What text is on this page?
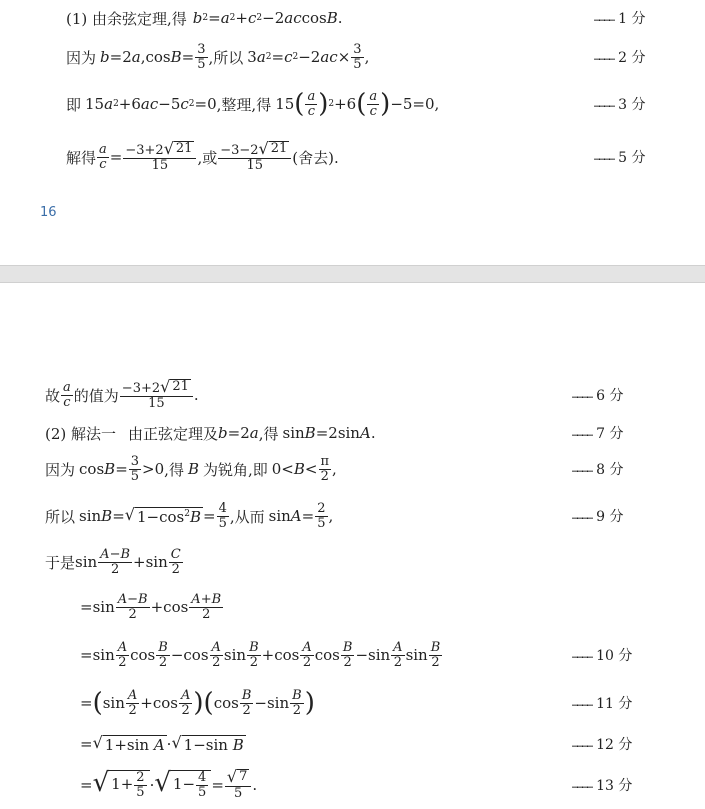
(1) 由余弦定理,得 b 2 = a 2 + c 2 −2 ac cos B .	………… 1 分
因为 b =2 a ,cos $B = \frac{3}{5}$ ,所以 3 a 2 = c 2 −2 ac × $\frac{3}{5}$ ,	………… 2 分
即 15 a 2 +6 ac −5 c 2 =0 ,整理,得 15 ( $\frac{a}{c}$ ) 2 +6 ( $\frac{a}{c}$ ) −5=0,	………… 3 分
解得 $\frac{a}{c} = \frac{-3+2 √ 21}{15}$ ,或 $\frac{-3-2 √ 21}{15}$ (舍去).	………… 5 分
16
故 $\frac{a}{c}$ 的值为 $\frac{-3+2 √ 21}{15}$ .	………… 6 分
(2) 解法一 由正弦定理及 b =2 a ,得 sin B =2sin A .	………… 7 分
因为 $\cos B = \frac{3}{5} >0$ ,得 B 为锐角,即 $0< B < \frac{\pi}{2}$ ,	………… 8 分
所以 sin B = √ $1-\cos^2B = \frac{4}{5}$ ,从而 $\sin A = \frac{2}{5}$ ,	………… 9 分
于是 $\sin \frac{A-B}{2} +\sin \frac{C}{2}$
$=\sin \frac{A-B}{2} +\cos \frac{A+B}{2}$
$=\sin \frac{A}{2}$ $\cos \frac{B}{2} -\cos \frac{A}{2}$ $\sin \frac{B}{2} +\cos \frac{A}{2}$ $\cos \frac{B}{2} -\sin \frac{A}{2}$ $\sin \frac{B}{2}$	………… 10 分
= ( $\sin \frac{A}{2} +\cos \frac{A}{2}$ ) ( $\cos \frac{B}{2} -\sin \frac{B}{2}$ )	………… 11 分
= √ 1+sin A · √ 1−sin B	………… 12 分
= √ $1+ \frac{2}{5}$ · √ $1- \frac{4}{5} = \frac{√ 7}{5}$ .	………… 13 分
